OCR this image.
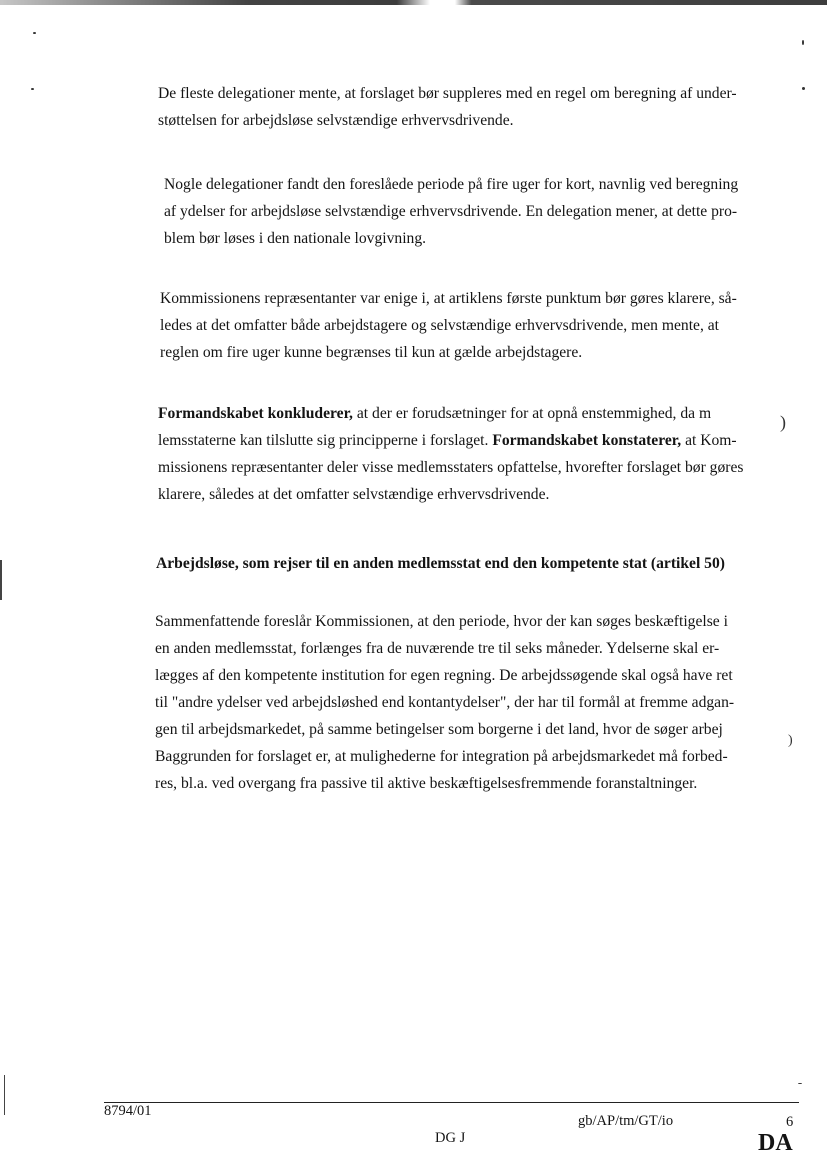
De fleste delegationer mente, at forslaget bør suppleres med en regel om beregning af under-
støttelsen for arbejdsløse selvstændige erhvervsdrivende.
Nogle delegationer fandt den foreslåede periode på fire uger for kort, navnlig ved beregning
af ydelser for arbejdsløse selvstændige erhvervsdrivende. En delegation mener, at dette pro-
blem bør løses i den nationale lovgivning.
Kommissionens repræsentanter var enige i, at artiklens første punktum bør gøres klarere, så-
ledes at det omfatter både arbejdstagere og selvstændige erhvervsdrivende, men mente, at
reglen om fire uger kunne begrænses til kun at gælde arbejdstagere.
Formandskabet konkluderer, at der er forudsætninger for at opnå enstemmighed, da m
lemsstaterne kan tilslutte sig principperne i forslaget. Formandskabet konstaterer, at Kom-
missionens repræsentanter deler visse medlemsstaters opfattelse, hvorefter forslaget bør gøres
klarere, således at det omfatter selvstændige erhvervsdrivende.
)
Arbejdsløse, som rejser til en anden medlemsstat end den kompetente stat (artikel 50)
Sammenfattende foreslår Kommissionen, at den periode, hvor der kan søges beskæftigelse i
en anden medlemsstat, forlænges fra de nuværende tre til seks måneder. Ydelserne skal er-
lægges af den kompetente institution for egen regning. De arbejdssøgende skal også have ret
til "andre ydelser ved arbejdsløshed end kontantydelser", der har til formål at fremme adgan-
gen til arbejdsmarkedet, på samme betingelser som borgerne i det land, hvor de søger arbej
Baggrunden for forslaget er, at mulighederne for integration på arbejdsmarkedet må forbed-
res, bl.a. ved overgang fra passive til aktive beskæftigelsesfremmende foranstaltninger.
)
8794/01
gb/AP/tm/GT/io	6
DG J	DA
